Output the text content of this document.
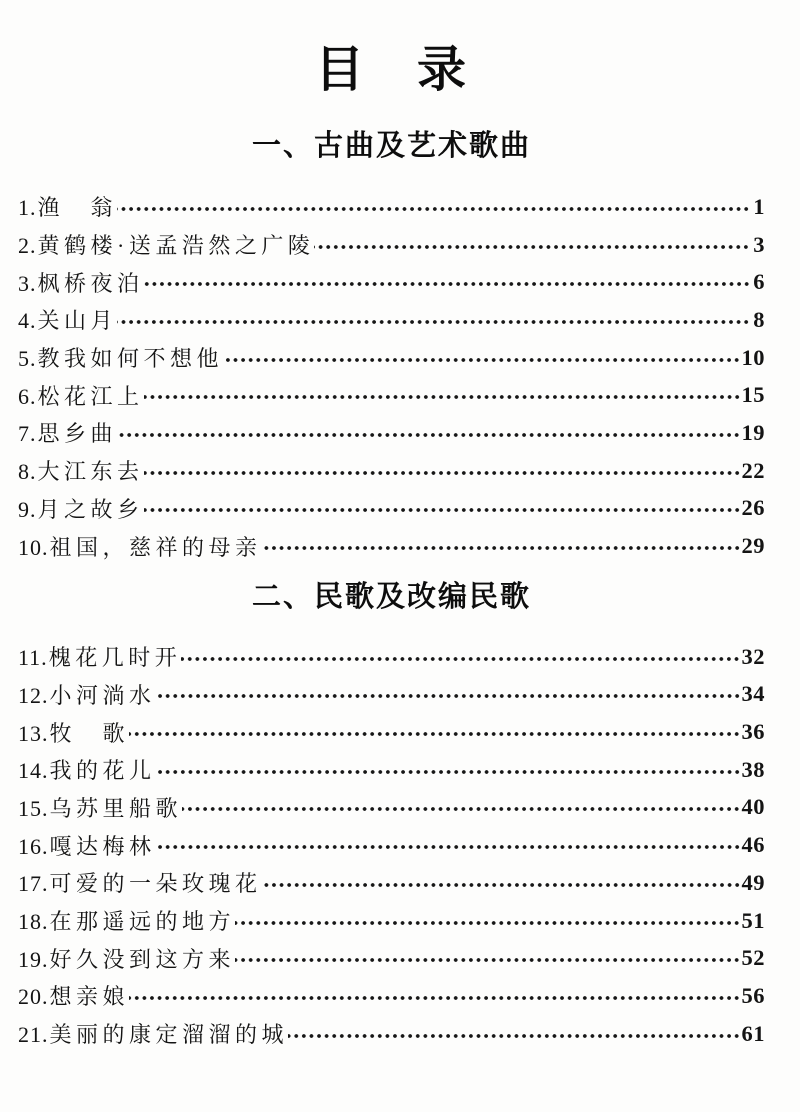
目　录
一、古曲及艺术歌曲
1. 渔　翁	1
2. 黄鹤楼·送孟浩然之广陵	3
3. 枫桥夜泊	6
4. 关山月	8
5. 教我如何不想他	10
6. 松花江上	15
7. 思乡曲	19
8. 大江东去	22
9. 月之故乡	26
10. 祖国，慈祥的母亲	29
二、民歌及改编民歌
11. 槐花几时开	32
12. 小河淌水	34
13. 牧　歌	36
14. 我的花儿	38
15. 乌苏里船歌	40
16. 嘎达梅林	46
17. 可爱的一朵玫瑰花	49
18. 在那遥远的地方	51
19. 好久没到这方来	52
20. 想亲娘	56
21. 美丽的康定溜溜的城	61
